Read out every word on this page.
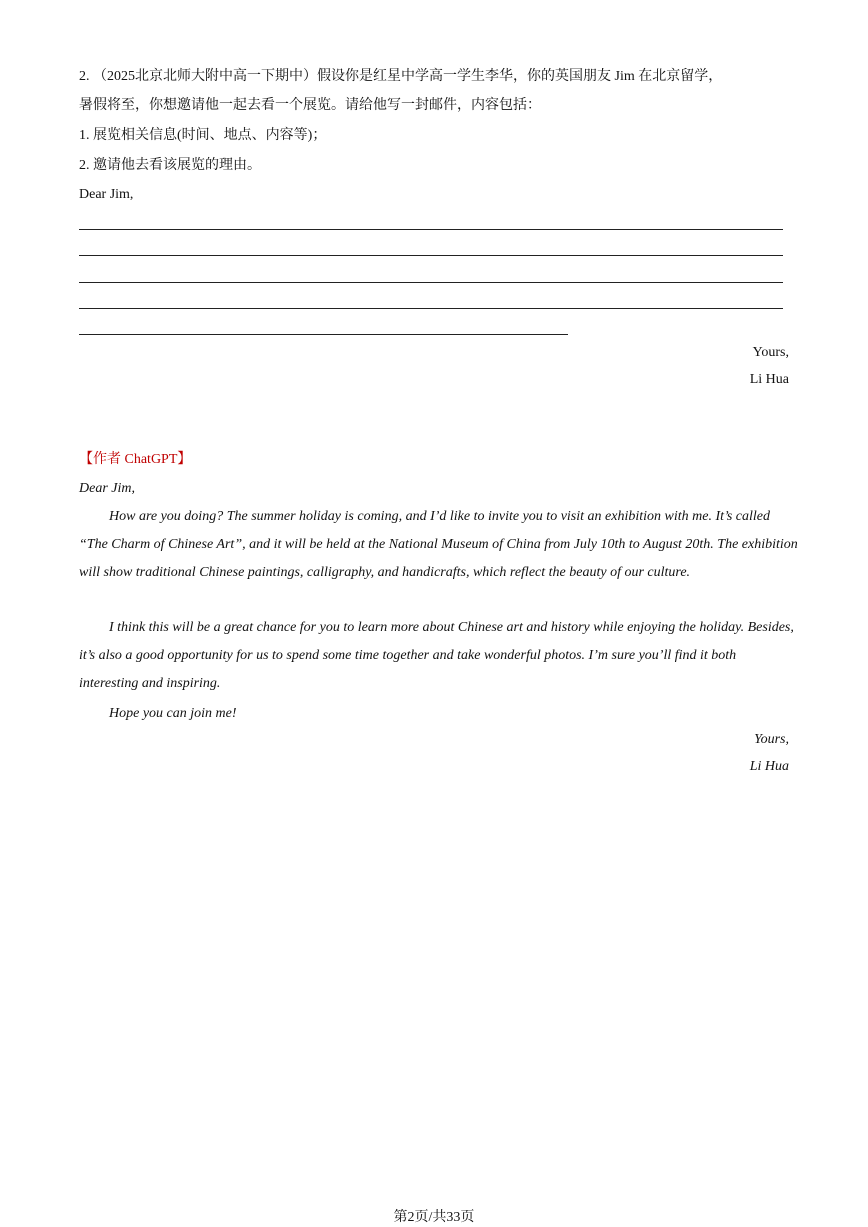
2. （2025北京北师大附中高一下期中）假设你是红星中学高一学生李华，你的英国朋友 Jim 在北京留学，
暑假将至，你想邀请他一起去看一个展览。请给他写一封邮件，内容包括：
1. 展览相关信息(时间、地点、内容等)；
2. 邀请他去看该展览的理由。
Dear Jim,
Yours,
Li Hua
【作者 ChatGPT】
Dear Jim,
How are you doing? The summer holiday is coming, and I’d like to invite you to visit an exhibition with me. It’s called “The Charm of Chinese Art”, and it will be held at the National Museum of China from July 10th to August 20th. The exhibition will show traditional Chinese paintings, calligraphy, and handicrafts, which reflect the beauty of our culture.
I think this will be a great chance for you to learn more about Chinese art and history while enjoying the holiday. Besides, it’s also a good opportunity for us to spend some time together and take wonderful photos. I’m sure you’ll find it both interesting and inspiring.
Hope you can join me!
Yours,
Li Hua
第2页/共33页
